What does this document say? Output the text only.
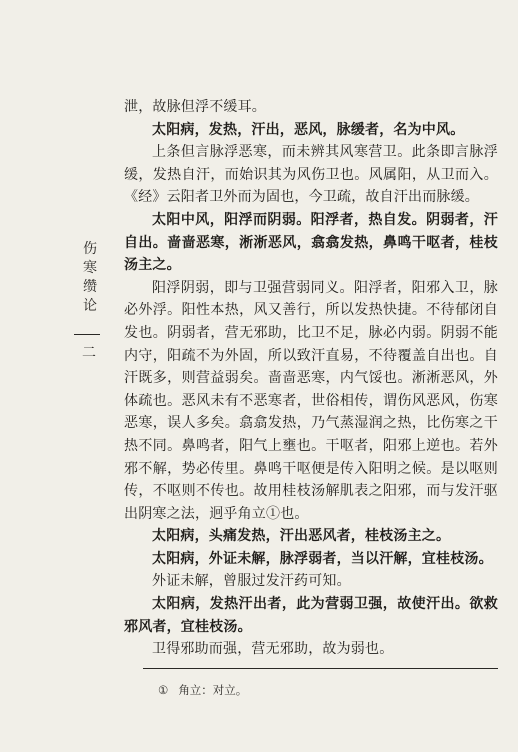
伤
寒
缵
论
二

泄，故脉但浮不缓耳。

太阳病，发热，汗出，恶风，脉缓者，名为中风。

上条但言脉浮恶寒，而未辨其风寒营卫。此条即言脉浮缓，发热自汗，而始识其为风伤卫也。风属阳，从卫而入。《经》云阳者卫外而为固也，今卫疏，故自汗出而脉缓。

太阳中风，阳浮而阴弱。阳浮者，热自发。阴弱者，汗自出。啬啬恶寒，淅淅恶风，翕翕发热，鼻鸣干呕者，桂枝汤主之。

阳浮阴弱，即与卫强营弱同义。阳浮者，阳邪入卫，脉必外浮。阳性本热，风又善行，所以发热快捷。不待郁闭自发也。阴弱者，营无邪助，比卫不足，脉必内弱。阴弱不能内守，阳疏不为外固，所以致汗直易，不待覆盖自出也。自汗既多，则营益弱矣。啬啬恶寒，内气馁也。淅淅恶风，外体疏也。恶风未有不恶寒者，世俗相传，谓伤风恶风，伤寒恶寒，误人多矣。翕翕发热，乃气蒸湿润之热，比伤寒之干热不同。鼻鸣者，阳气上壅也。干呕者，阳邪上逆也。若外邪不解，势必传里。鼻鸣干呕便是传入阳明之候。是以呕则传，不呕则不传也。故用桂枝汤解肌表之阳邪，而与发汗驱出阴寒之法，迥乎角立①也。

太阳病，头痛发热，汗出恶风者，桂枝汤主之。

太阳病，外证未解，脉浮弱者，当以汗解，宜桂枝汤。

外证未解，曾服过发汗药可知。

太阳病，发热汗出者，此为营弱卫强，故使汗出。欲救邪风者，宜桂枝汤。

卫得邪助而强，营无邪助，故为弱也。

① 角立：对立。
